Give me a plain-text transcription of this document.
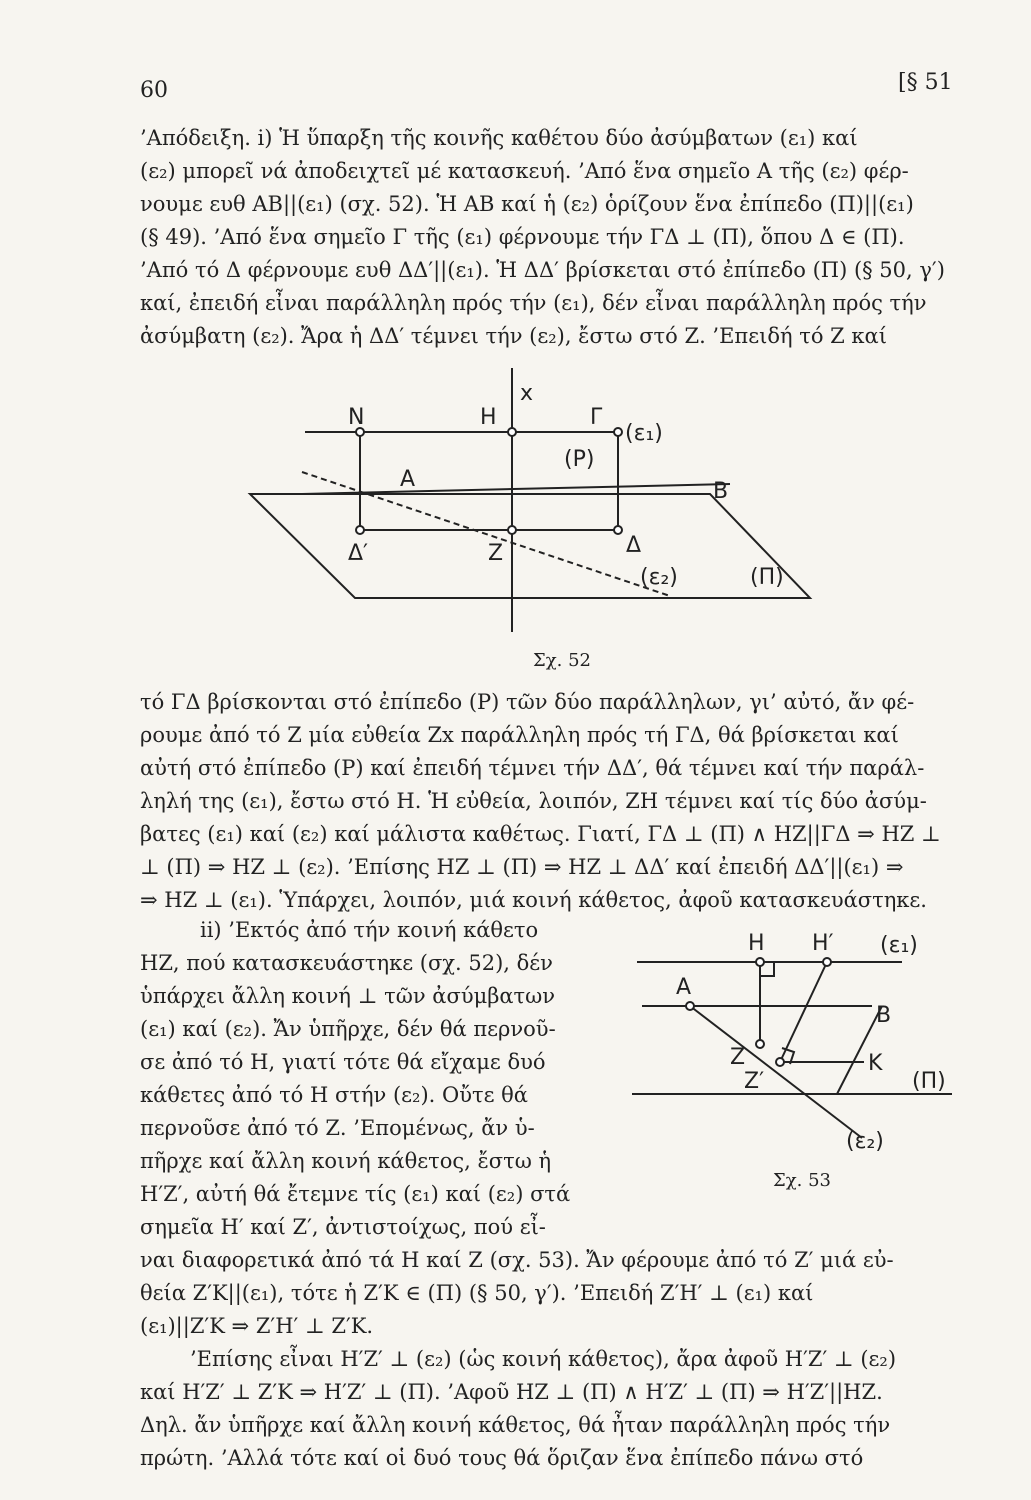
60	[§ 51
’Απόδειξη. i) Ἡ ὕπαρξη τῆς κοινῆς καθέτου δύο ἀσύμβατων (ε₁) καί
(ε₂) μπορεῖ νά ἀποδειχτεῖ μέ κατασκευή. ’Από ἕνα σημεῖο Α τῆς (ε₂) φέρ-
νουμε ευθ ΑΒ||(ε₁) (σχ. 52). Ἡ ΑΒ καί ἡ (ε₂) ὁρίζουν ἕνα ἐπίπεδο (Π)||(ε₁)
(§ 49). ’Από ἕνα σημεῖο Γ τῆς (ε₁) φέρνουμε τήν ΓΔ ⊥ (Π), ὅπου Δ ∈ (Π).
’Από τό Δ φέρνουμε ευθ ΔΔ′||(ε₁). Ἡ ΔΔ′ βρίσκεται στό ἐπίπεδο (Π) (§ 50, γ′)
καί, ἐπειδή εἶναι παράλληλη πρός τήν (ε₁), δέν εἶναι παράλληλη πρός τήν
ἀσύμβατη (ε₂). Ἄρα ἡ ΔΔ′ τέμνει τήν (ε₂), ἔστω στό Ζ. ’Επειδή τό Ζ καί
x
N	H	Γ
(ε₁)
(P)
A	B
Δ′	Z	Δ
(ε₂)	(Π)
Σχ. 52
τό ΓΔ βρίσκονται στό ἐπίπεδο (Ρ) τῶν δύο παράλληλων, γι’ αὐτό, ἄν φέ-
ρουμε ἀπό τό Ζ μία εὐθεία Ζx παράλληλη πρός τή ΓΔ, θά βρίσκεται καί
αὐτή στό ἐπίπεδο (Ρ) καί ἐπειδή τέμνει τήν ΔΔ′, θά τέμνει καί τήν παράλ-
ληλή της (ε₁), ἔστω στό Η. Ἡ εὐθεία, λοιπόν, ΖΗ τέμνει καί τίς δύο ἀσύμ-
βατες (ε₁) καί (ε₂) καί μάλιστα καθέτως. Γιατί, ΓΔ ⊥ (Π) ∧ ΗΖ||ΓΔ ⇒ ΗΖ ⊥
⊥ (Π) ⇒ ΗΖ ⊥ (ε₂). ’Επίσης ΗΖ ⊥ (Π) ⇒ ΗΖ ⊥ ΔΔ′ καί ἐπειδή ΔΔ′||(ε₁) ⇒
⇒ ΗΖ ⊥ (ε₁). Ὑπάρχει, λοιπόν, μιά κοινή κάθετος, ἀφοῦ κατασκευάστηκε.
ii) ’Εκτός ἀπό τήν κοινή κάθετο
ΗΖ, πού κατασκευάστηκε (σχ. 52), δέν
ὑπάρχει ἄλλη κοινή ⊥ τῶν ἀσύμβατων
(ε₁) καί (ε₂). Ἄν ὑπῆρχε, δέν θά περνοῦ-
σε ἀπό τό Η, γιατί τότε θά εἴχαμε δυό
κάθετες ἀπό τό Η στήν (ε₂). Οὔτε θά
περνοῦσε ἀπό τό Ζ. ’Επομένως, ἄν ὑ-
πῆρχε καί ἄλλη κοινή κάθετος, ἔστω ἡ
Η′Ζ′, αὐτή θά ἔτεμνε τίς (ε₁) καί (ε₂) στά
σημεῖα Η′ καί Ζ′, ἀντιστοίχως, πού εἶ-
H H′ (ε₁)
A
B
Z
Z′
K
(Π)
(ε₂)
Σχ. 53
ναι διαφορετικά ἀπό τά Η καί Ζ (σχ. 53). Ἄν φέρουμε ἀπό τό Ζ′ μιά εὐ-
θεία Ζ′Κ||(ε₁), τότε ἡ Ζ′Κ ∈ (Π) (§ 50, γ′). ’Επειδή Ζ′Η′ ⊥ (ε₁) καί
(ε₁)||Ζ′Κ ⇒ Ζ′Η′ ⊥ Ζ′Κ.
’Επίσης εἶναι Η′Ζ′ ⊥ (ε₂) (ὡς κοινή κάθετος), ἄρα ἀφοῦ Η′Ζ′ ⊥ (ε₂)
καί Η′Ζ′ ⊥ Ζ′Κ ⇒ Η′Ζ′ ⊥ (Π). ’Αφοῦ ΗΖ ⊥ (Π) ∧ Η′Ζ′ ⊥ (Π) ⇒ Η′Ζ′||ΗΖ.
Δηλ. ἄν ὑπῆρχε καί ἄλλη κοινή κάθετος, θά ἦταν παράλληλη πρός τήν
πρώτη. ’Αλλά τότε καί οἱ δυό τους θά ὅριζαν ἕνα ἐπίπεδο πάνω στό
